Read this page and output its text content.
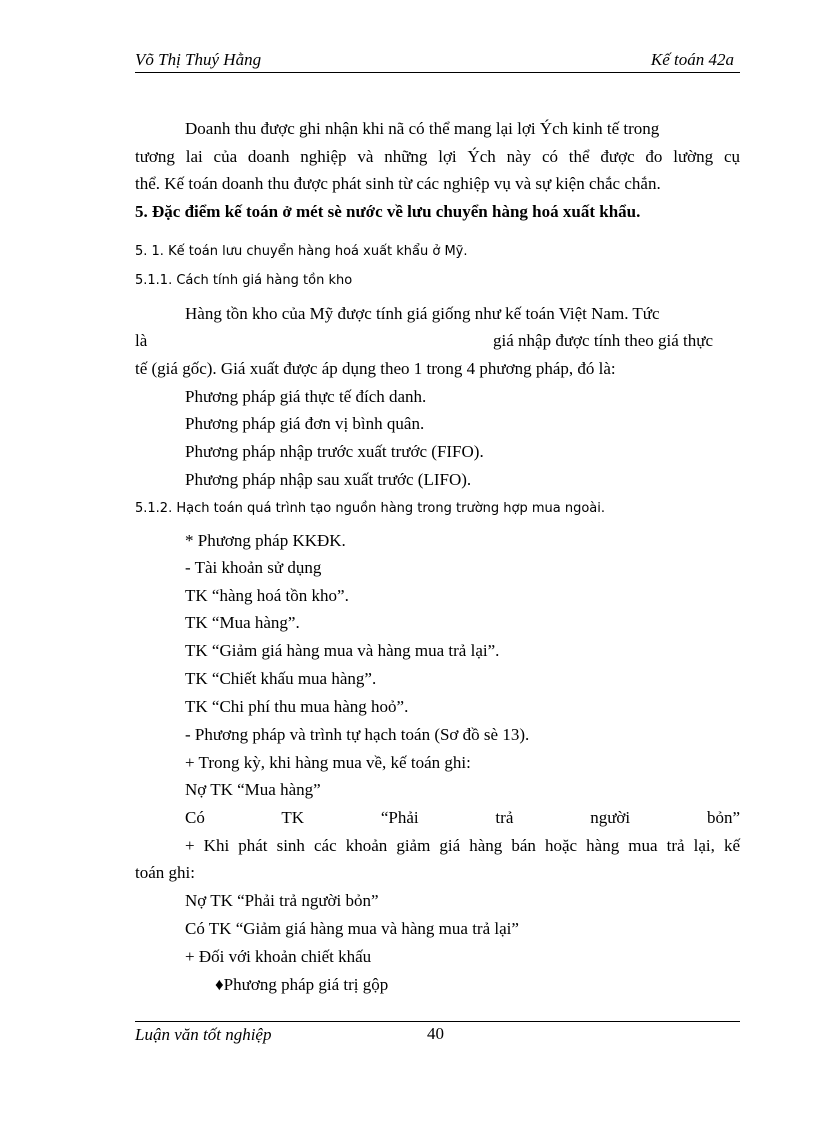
Võ Thị Thuý Hằng	Kế toán 42a
Doanh thu được ghi nhận khi nã có thể mang lại lợi Ých kinh tế trong
tương lai của doanh nghiệp và những lợi Ých này có thể được đo lường cụ
thể. Kế toán doanh thu được phát sinh từ các nghiệp vụ và sự kiện chắc chắn.
5. Đặc điểm kế toán ở mét sè nước về lưu chuyển hàng hoá xuất khẩu.
5. 1. Kế toán lưu chuyển hàng hoá xuất khẩu ở Mỹ.
5.1.1. Cách tính giá hàng tồn kho
Hàng tồn kho của Mỹ được tính giá giống như kế toán Việt Nam. Tức
là	giá nhập được tính theo giá thực
tế (giá gốc). Giá xuất được áp dụng theo 1 trong 4 phương pháp, đó là:
Phương pháp giá thực tế đích danh.
Phương pháp giá đơn vị bình quân.
Phương pháp nhập trước xuất trước (FIFO).
Phương pháp nhập sau xuất trước (LIFO).
5.1.2. Hạch toán quá trình tạo nguồn hàng trong trường hợp mua ngoài.
* Phương pháp KKĐK.
- Tài khoản sử dụng
TK “hàng hoá tồn kho”.
TK “Mua hàng”.
TK “Giảm giá hàng mua và hàng mua trả lại”.
TK “Chiết khấu mua hàng”.
TK “Chi phí thu mua hàng hoỏ”.
- Phương pháp và trình tự hạch toán (Sơ đồ sè 13).
+ Trong kỳ, khi hàng mua về, kế toán ghi:
Nợ TK “Mua hàng”
Có TK “Phải trả người bỏn”
+ Khi phát sinh các khoản giảm giá hàng bán hoặc hàng mua trả lại, kế
toán ghi:
Nợ TK “Phải trả người bỏn”
Có TK “Giảm giá hàng mua và hàng mua trả lại”
+ Đối với khoản chiết khấu
♦Phương pháp giá trị gộp
Luận văn tốt nghiệp	40
